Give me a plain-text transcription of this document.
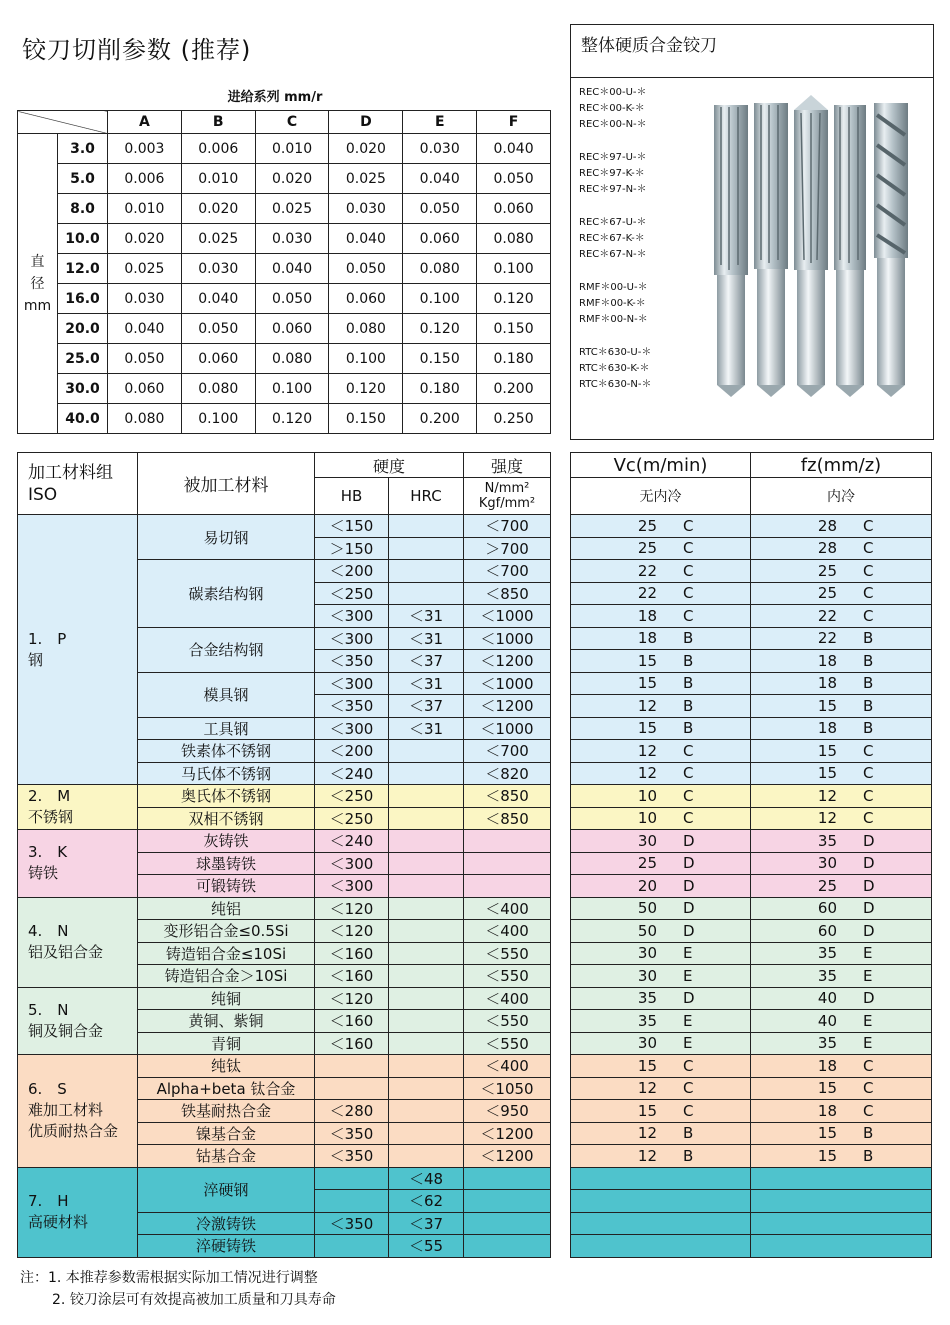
铰刀切削参数 (推荐)
进给系列 mm/r
		A	B	C	D	E	F
直
径
mm	3.0	0.003	0.006	0.010	0.020	0.030	0.040
	5.0	0.006	0.010	0.020	0.025	0.040	0.050
	8.0	0.010	0.020	0.025	0.030	0.050	0.060
	10.0	0.020	0.025	0.030	0.040	0.060	0.080
	12.0	0.025	0.030	0.040	0.050	0.080	0.100
	16.0	0.030	0.040	0.050	0.060	0.100	0.120
	20.0	0.040	0.050	0.060	0.080	0.120	0.150
	25.0	0.050	0.060	0.080	0.100	0.150	0.180
	30.0	0.060	0.080	0.100	0.120	0.180	0.200
	40.0	0.080	0.100	0.120	0.150	0.200	0.250
整体硬质合金铰刀
REC＊00-U-＊
REC＊00-K-＊
REC＊00-N-＊
REC＊97-U-＊
REC＊97-K-＊
REC＊97-N-＊
REC＊67-U-＊
REC＊67-K-＊
REC＊67-N-＊
RMF＊00-U-＊
RMF＊00-K-＊
RMF＊00-N-＊
RTC＊630-U-＊
RTC＊630-K-＊
RTC＊630-N-＊
加工材料组
ISO	被加工材料	硬度		强度
		HB	HRC	N/mm²
Kgf/mm²

1.　P
钢	易切钢	＜150		＜700
		＞150		＞700
	碳素结构钢	＜200		＜700
		＜250		＜850
		＜300	＜31	＜1000
	合金结构钢	＜300	＜31	＜1000
		＜350	＜37	＜1200
	模具钢	＜300	＜31	＜1000
		＜350	＜37	＜1200
	工具钢	＜300	＜31	＜1000
	铁素体不锈钢	＜200		＜700
	马氏体不锈钢	＜240		＜820

2.　M
不锈钢	奥氏体不锈钢	＜250		＜850
	双相不锈钢	＜250		＜850

3.　K
铸铁	灰铸铁	＜240		
	球墨铸铁	＜300		
	可锻铸铁	＜300		

4.　N
铝及铝合金	纯铝	＜120		＜400
	变形铝合金≤0.5Si	＜120		＜400
	铸造铝合金≤10Si	＜160		＜550
	铸造铝合金＞10Si	＜160		＜550

5.　N
铜及铜合金	纯铜	＜120		＜400
	黄铜、紫铜	＜160		＜550
	青铜	＜160		＜550

6.　S
难加工材料
优质耐热合金	纯钛			＜400
	Alpha+beta 钛合金			＜1050
	铁基耐热合金	＜280		＜950
	镍基合金	＜350		＜1200
	钴基合金	＜350		＜1200

7.　H
高硬材料	淬硬钢		＜48	
			＜62	
	冷激铸铁	＜350	＜37	
	淬硬铸铁		＜55	
Vc(m/min)	fz(mm/z)
无内冷	内冷
25 C	28 C
25 C	28 C
22 C	25 C
22 C	25 C
18 C	22 C
18 B	22 B
15 B	18 B
15 B	18 B
12 B	15 B
15 B	18 B
12 C	15 C
12 C	15 C
10 C	12 C
10 C	12 C
30 D	35 D
25 D	30 D
20 D	25 D
50 D	60 D
50 D	60 D
30 E	35 E
30 E	35 E
35 D	40 D
35 E	40 E
30 E	35 E
15 C	18 C
12 C	15 C
15 C	18 C
12 B	15 B
12 B	15 B

注：1. 本推荐参数需根据实际加工情况进行调整
2. 铰刀涂层可有效提高被加工质量和刀具寿命
